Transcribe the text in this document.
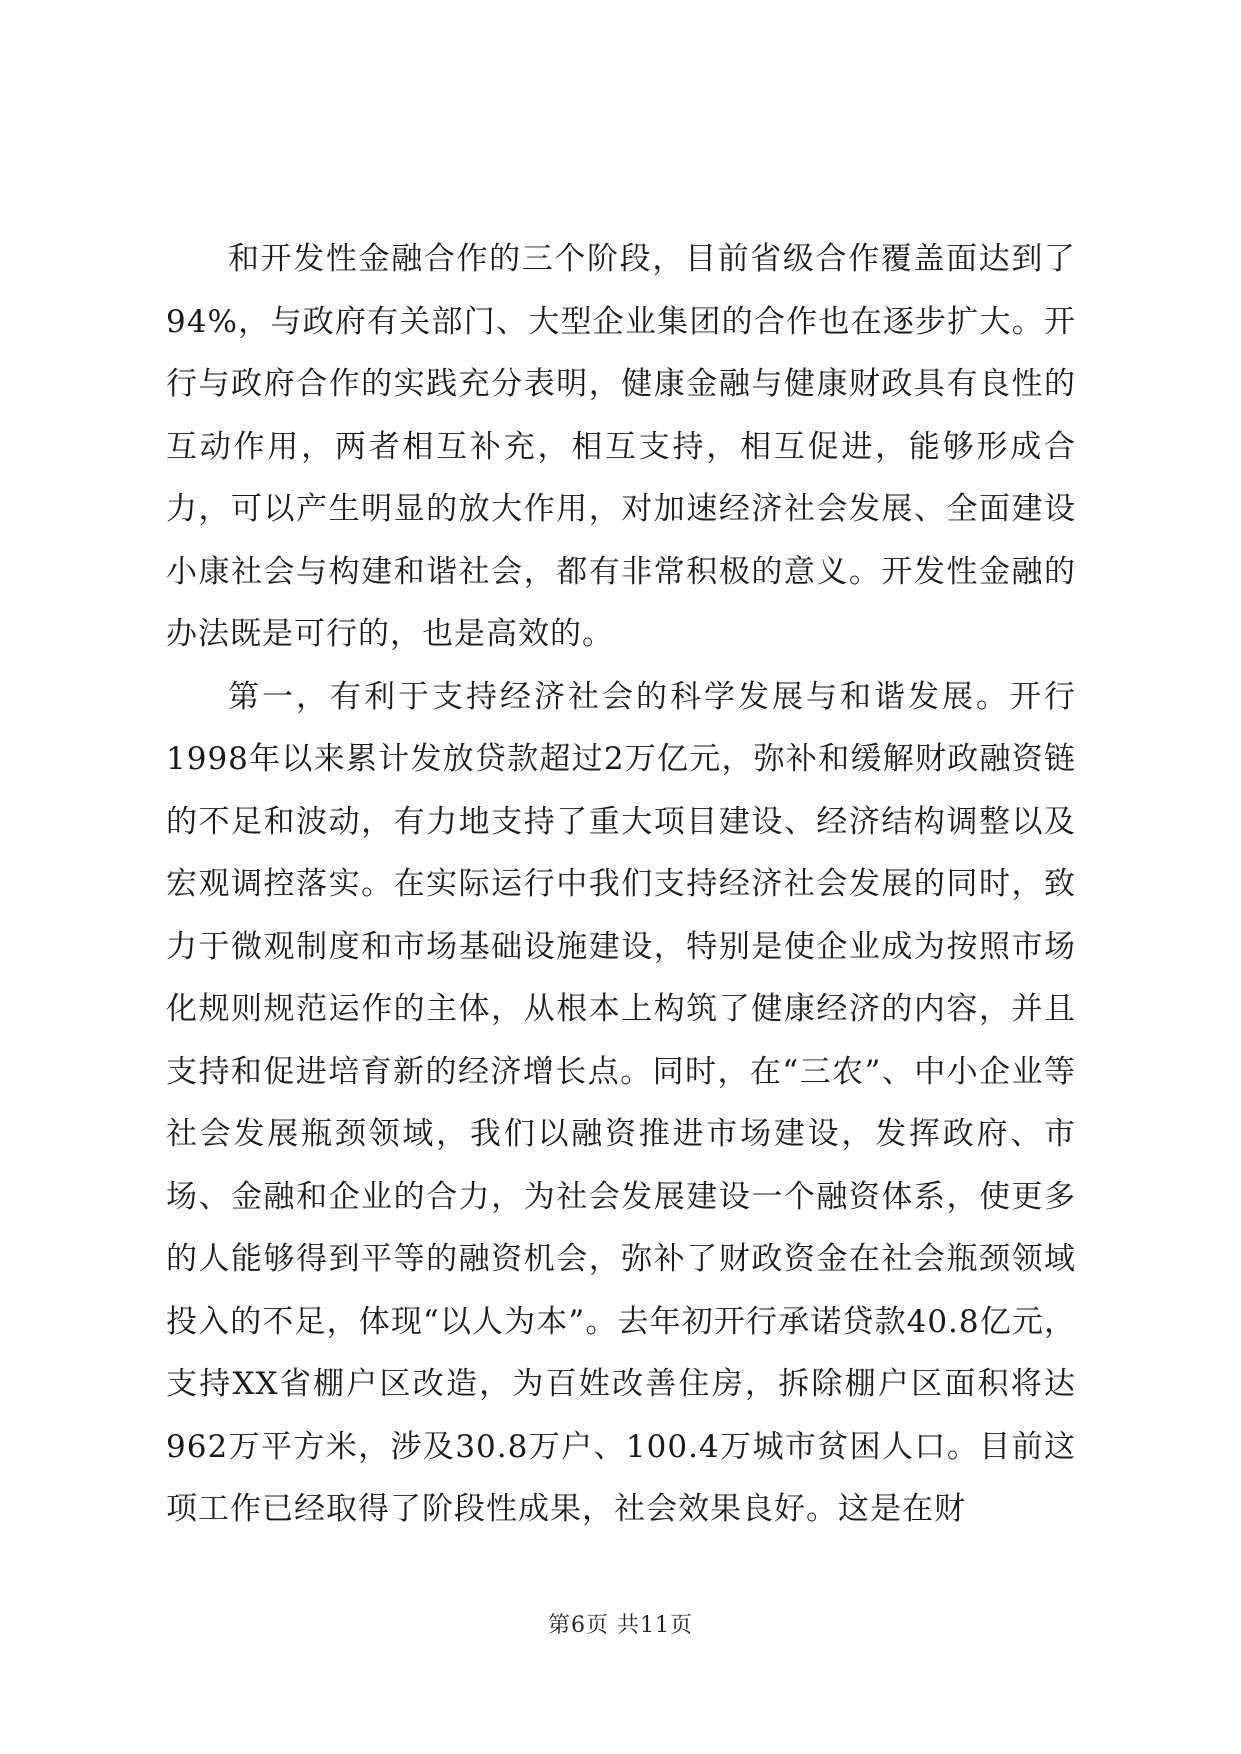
和开发性金融合作的三个阶段，目前省级合作覆盖面达到了94%，与政府有关部门、大型企业集团的合作也在逐步扩大。开行与政府合作的实践充分表明，健康金融与健康财政具有良性的互动作用，两者相互补充，相互支持，相互促进，能够形成合力，可以产生明显的放大作用，对加速经济社会发展、全面建设小康社会与构建和谐社会，都有非常积极的意义。开发性金融的办法既是可行的，也是高效的。

第一，有利于支持经济社会的科学发展与和谐发展。开行1998年以来累计发放贷款超过2万亿元，弥补和缓解财政融资链的不足和波动，有力地支持了重大项目建设、经济结构调整以及宏观调控落实。在实际运行中我们支持经济社会发展的同时，致力于微观制度和市场基础设施建设，特别是使企业成为按照市场化规则规范运作的主体，从根本上构筑了健康经济的内容，并且支持和促进培育新的经济增长点。同时，在“三农”、中小企业等社会发展瓶颈领域，我们以融资推进市场建设，发挥政府、市场、金融和企业的合力，为社会发展建设一个融资体系，使更多的人能够得到平等的融资机会，弥补了财政资金在社会瓶颈领域投入的不足，体现“以人为本”。去年初开行承诺贷款40.8亿元，支持XX省棚户区改造，为百姓改善住房，拆除棚户区面积将达962万平方米，涉及30.8万户、100.4万城市贫困人口。目前这项工作已经取得了阶段性成果，社会效果良好。这是在财

第6页 共11页
